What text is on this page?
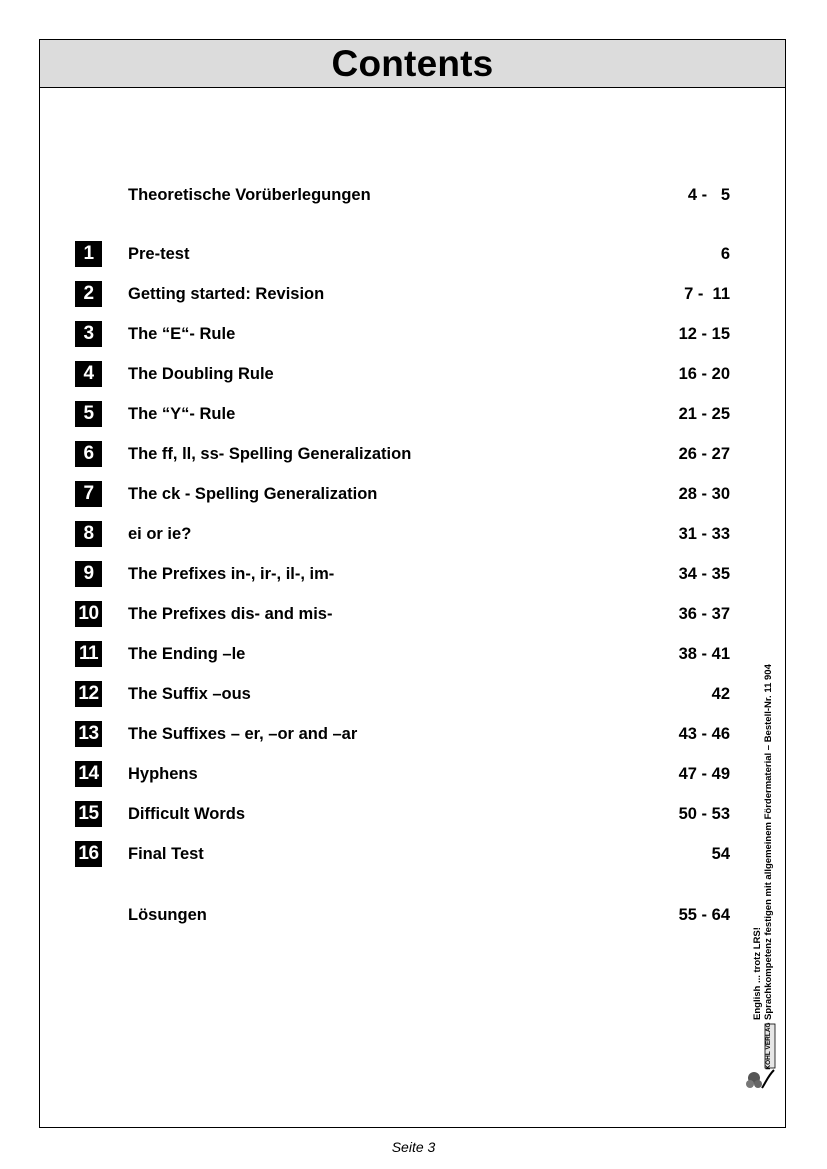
Contents
Theoretische Vorüberlegungen	4 -   5
1	Pre-test	6
2	Getting started: Revision	7 -  11
3	The “E“- Rule	12 - 15
4	The Doubling Rule	16 - 20
5	The “Y“- Rule	21 - 25
6	The ff, ll, ss- Spelling Generalization	26 - 27
7	The ck - Spelling Generalization	28 - 30
8	ei or ie?	31 - 33
9	The Prefixes in-, ir-, il-, im-	34 - 35
10 The Prefixes dis- and mis-	36 - 37
11 The Ending –le	38 - 41
12 The Suffix –ous	42
13 The Suffixes – er, –or and –ar	43 - 46
14 Hyphens	47 - 49
15 Difficult Words	50 - 53
16 Final Test	54
Lösungen	55 - 64
English ... trotz LRS! Sprachkompetenz festigen mit allgemeinem Fördermaterial – Bestell-Nr. 11 904
KOHL VERLAG
Seite 3
